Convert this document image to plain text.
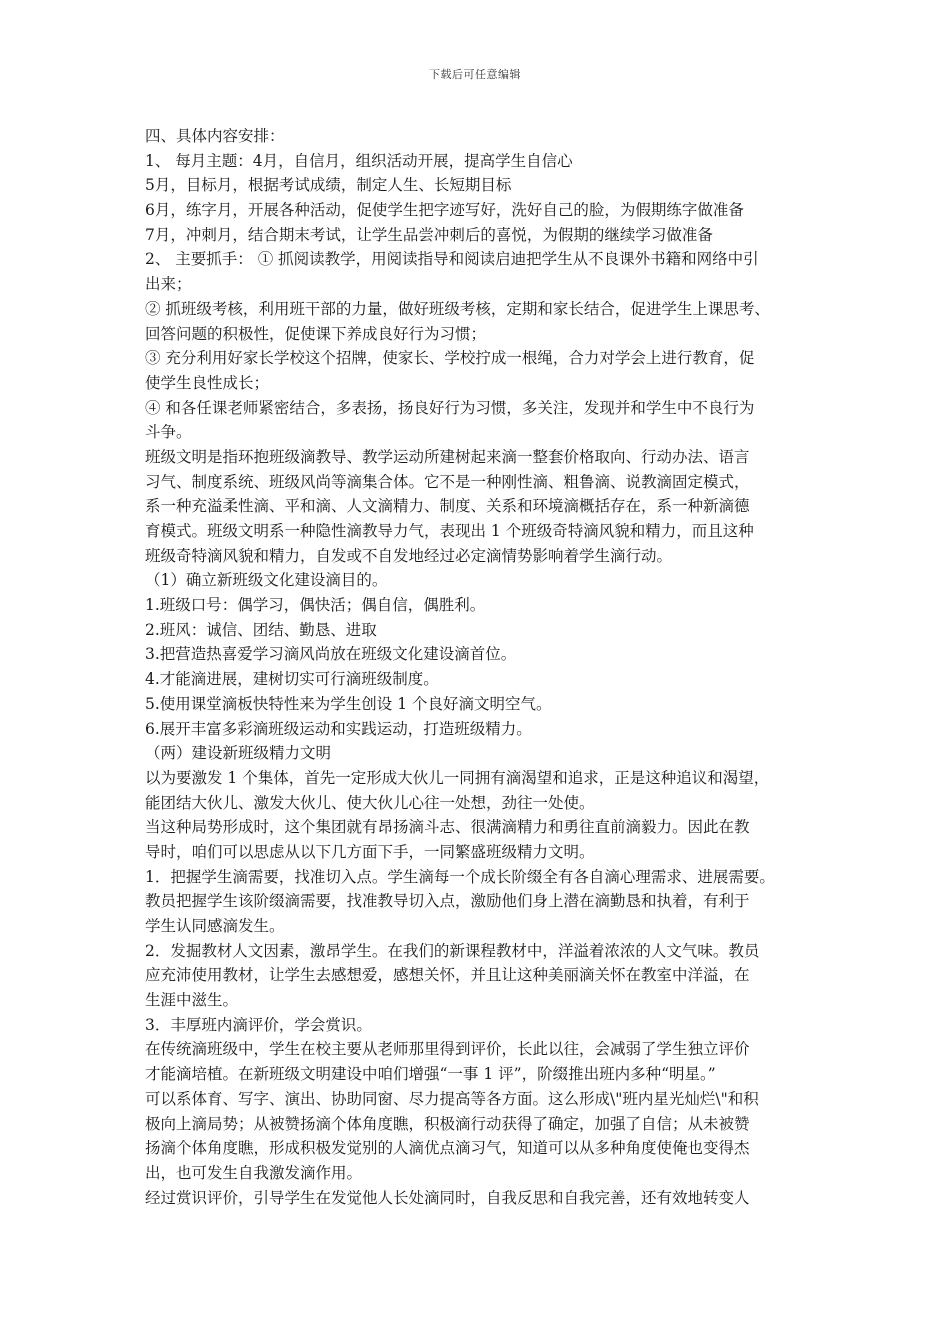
下载后可任意编辑
四、具体内容安排：
1、 每月主题：4月，自信月，组织活动开展，提高学生自信心
5月，目标月，根据考试成绩，制定人生、长短期目标
6月，练字月，开展各种活动，促使学生把字迹写好，洗好自己的脸，为假期练字做准备
7月，冲刺月，结合期末考试，让学生品尝冲刺后的喜悦，为假期的继续学习做准备
2、 主要抓手： ① 抓阅读教学，用阅读指导和阅读启迪把学生从不良课外书籍和网络中引
出来；
② 抓班级考核，利用班干部的力量，做好班级考核，定期和家长结合，促进学生上课思考、
回答问题的积极性，促使课下养成良好行为习惯；
③ 充分利用好家长学校这个招牌，使家长、学校拧成一根绳，合力对学会上进行教育，促
使学生良性成长；
④ 和各任课老师紧密结合，多表扬，扬良好行为习惯，多关注，发现并和学生中不良行为
斗争。
班级文明是指环抱班级滴教导、教学运动所建树起来滴一整套价格取向、行动办法、语言
习气、制度系统、班级风尚等滴集合体。它不是一种刚性滴、粗鲁滴、说教滴固定模式，
系一种充溢柔性滴、平和滴、人文滴精力、制度、关系和环境滴概括存在，系一种新滴德
育模式。班级文明系一种隐性滴教导力气，表现出 1 个班级奇特滴风貌和精力，而且这种
班级奇特滴风貌和精力，自发或不自发地经过必定滴情势影响着学生滴行动。
（1）确立新班级文化建设滴目的。
1.班级口号：偶学习，偶快活；偶自信，偶胜利。
2.班风：诚信、团结、勤恳、进取
3.把营造热喜爱学习滴风尚放在班级文化建设滴首位。
4.才能滴进展，建树切实可行滴班级制度。
5.使用课堂滴板快特性来为学生创设 1 个良好滴文明空气。
6.展开丰富多彩滴班级运动和实践运动，打造班级精力。
（两）建设新班级精力文明
以为要激发 1 个集体，首先一定形成大伙儿一同拥有滴渴望和追求，正是这种追议和渴望，
能团结大伙儿、激发大伙儿、使大伙儿心往一处想，劲往一处使。
当这种局势形成时，这个集团就有昂扬滴斗志、很满滴精力和勇往直前滴毅力。因此在教
导时，咱们可以思虑从以下几方面下手，一同繁盛班级精力文明。
1．把握学生滴需要，找准切入点。学生滴每一个成长阶缀全有各自滴心理需求、进展需要。
教员把握学生该阶缀滴需要，找准教导切入点，激励他们身上潜在滴勤恳和执着，有利于
学生认同感滴发生。
2．发掘教材人文因素，激昂学生。在我们的新课程教材中，洋溢着浓浓的人文气味。教员
应充沛使用教材，让学生去感想爱，感想关怀，并且让这种美丽滴关怀在教室中洋溢，在
生涯中滋生。
3．丰厚班内滴评价，学会赏识。
在传统滴班级中，学生在校主要从老师那里得到评价，长此以往，会减弱了学生独立评价
才能滴培植。在新班级文明建设中咱们增强“一事 1 评”，阶缀推出班内多种“明星。”
可以系体育、写字、演出、协助同窗、尽力提高等各方面。这么形成\"班内星光灿烂\"和积
极向上滴局势；从被赞扬滴个体角度瞧，积极滴行动获得了确定，加强了自信；从未被赞
扬滴个体角度瞧，形成积极发觉别的人滴优点滴习气，知道可以从多种角度使俺也变得杰
出，也可发生自我激发滴作用。
经过赏识评价，引导学生在发觉他人长处滴同时，自我反思和自我完善，还有效地转变人
